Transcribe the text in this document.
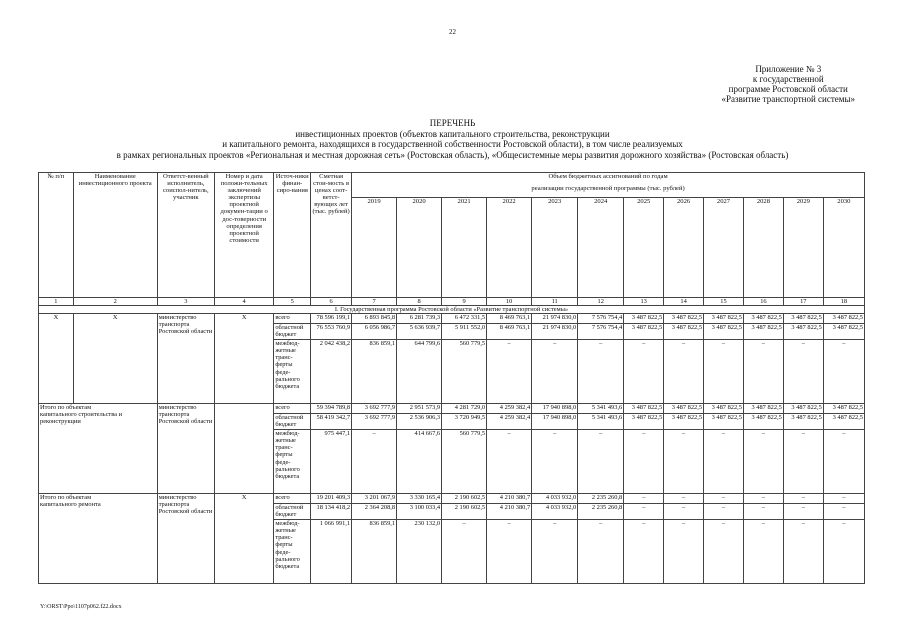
22
Приложение № 3
к государственной
программе Ростовской области
«Развитие транспортной системы»
ПЕРЕЧЕНЬ
инвестиционных проектов (объектов капитального строительства, реконструкции
и капитального ремонта, находящихся в государственной собственности Ростовской области), в том числе реализуемых
в рамках региональных проектов «Региональная и местная дорожная сеть» (Ростовская область), «Общесистемные меры развития дорожного хозяйства» (Ростовская область)
№ п/п	Наименование инвестиционного проекта	Ответст-венный исполнитель, соиспол-нитель, участник	Номер и дата положи-тельных заключений экспертизы проектной докумен-тации о дос-товерности определения проектной стоимости	Источ-ники финан-сиро-вания	Сметная стои-мость в ценах соот-ветст-вующих лет (тыс. рублей)	Объем бюджетных ассигнований по годам											
						реализации государственной программы (тыс. рублей)											
						2019	2020	2021	2022	2023	2024	2025	2026	2027	2028	2029	2030
1	2	3	4	5	6	7	8	9	10	11	12	13	14	15	16	17	18
I. Государственная программа Ростовской области «Развитие транспортной системы»																	
X	X	министерство транспорта Ростовской области	X	всего	78 596 199,1	6 893 845,8	6 281 739,3	6 472 331,5	8 469 763,1	21 974 830,0	7 576 754,4	3 487 822,5	3 487 822,5	3 487 822,5	3 487 822,5	3 487 822,5	3 487 822,5
				областной бюджет	76 553 760,9	6 056 986,7	5 636 939,7	5 911 552,0	8 469 763,1	21 974 830,0	7 576 754,4	3 487 822,5	3 487 822,5	3 487 822,5	3 487 822,5	3 487 822,5	3 487 822,5
				межбюд-жетные транс-ферты феде-рального бюджета	2 042 438,2	836 859,1	644 799,6	560 779,5	–	–	–	–	–	–	–	–	–
Итого по объектам капитального строительства и реконструкции		министерство транспорта Ростовской области		всего	59 394 789,8	3 692 777,9	2 951 573,9	4 281 729,0	4 259 382,4	17 940 898,0	5 341 493,6	3 487 822,5	3 487 822,5	3 487 822,5	3 487 822,5	3 487 822,5	3 487 822,5
				областной бюджет	58 419 342,7	3 692 777,9	2 536 906,3	3 720 949,5	4 259 382,4	17 940 898,0	5 341 493,6	3 487 822,5	3 487 822,5	3 487 822,5	3 487 822,5	3 487 822,5	3 487 822,5
				межбюд-жетные транс-ферты феде-рального бюджета	975 447,1	–	414 667,6	560 779,5	–	–	–	–	–	–	–	–	–
Итого по объектам капитального ремонта		министерство транспорта Ростовской области	X	всего	19 201 409,3	3 201 067,9	3 330 165,4	2 190 602,5	4 210 380,7	4 033 932,0	2 235 260,8	–	–	–	–	–	–
				областной бюджет	18 134 418,2	2 364 208,8	3 100 033,4	2 190 602,5	4 210 380,7	4 033 932,0	2 235 260,8	–	–	–	–	–	–
				межбюд-жетные транс-ферты феде-рального бюджета	1 066 991,1	836 859,1	230 132,0	–	–	–	–	–	–	–	–	–	–
Y:\ORST\Ppo\1107p062.f22.docx
